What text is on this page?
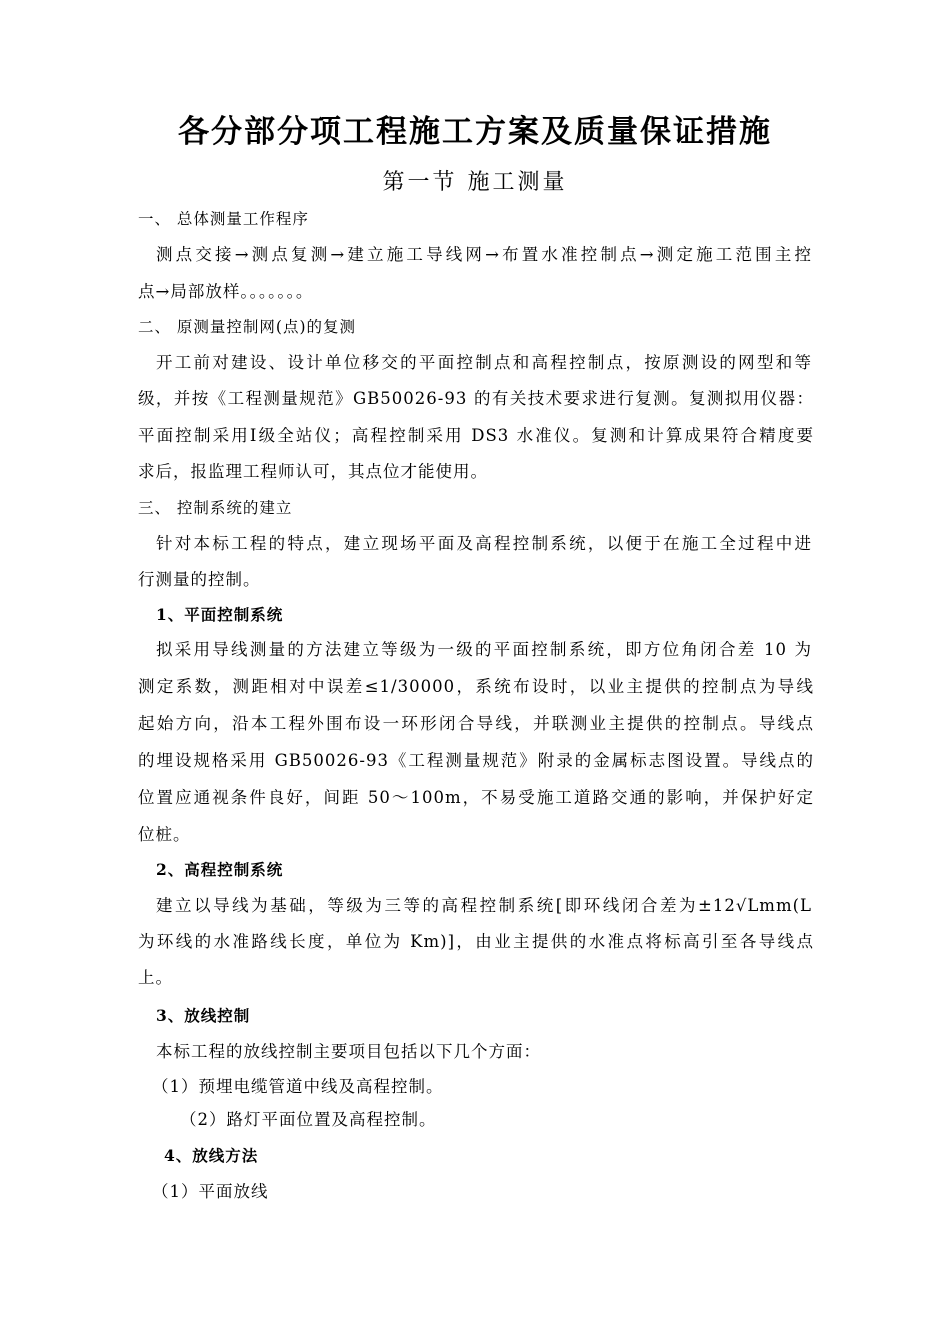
各分部分项工程施工方案及质量保证措施
第一节 施工测量
一、 总体测量工作程序
测点交接→测点复测→建立施工导线网→布置水准控制点→测定施工范围主控
点→局部放样。。。。。。。
二、 原测量控制网(点)的复测
开工前对建设、设计单位移交的平面控制点和高程控制点，按原测设的网型和等
级，并按《工程测量规范》GB50026-93 的有关技术要求进行复测。复测拟用仪器：
平面控制采用Ⅰ级全站仪；高程控制采用 DS3 水准仪。复测和计算成果符合精度要
求后，报监理工程师认可，其点位才能使用。
三、 控制系统的建立
针对本标工程的特点，建立现场平面及高程控制系统，以便于在施工全过程中进
行测量的控制。
1、平面控制系统
拟采用导线测量的方法建立等级为一级的平面控制系统，即方位角闭合差 10 为
测定系数，测距相对中误差≤1/30000，系统布设时，以业主提供的控制点为导线
起始方向，沿本工程外围布设一环形闭合导线，并联测业主提供的控制点。导线点
的埋设规格采用 GB50026-93《工程测量规范》附录的金属标志图设置。导线点的
位置应通视条件良好，间距 50～100m，不易受施工道路交通的影响，并保护好定
位桩。
2、高程控制系统
建立以导线为基础，等级为三等的高程控制系统[即环线闭合差为±12√Lmm(L
为环线的水准路线长度，单位为 Km)]，由业主提供的水准点将标高引至各导线点
上。
3、放线控制
本标工程的放线控制主要项目包括以下几个方面：
（1）预埋电缆管道中线及高程控制。
（2）路灯平面位置及高程控制。
4、放线方法
（1）平面放线
